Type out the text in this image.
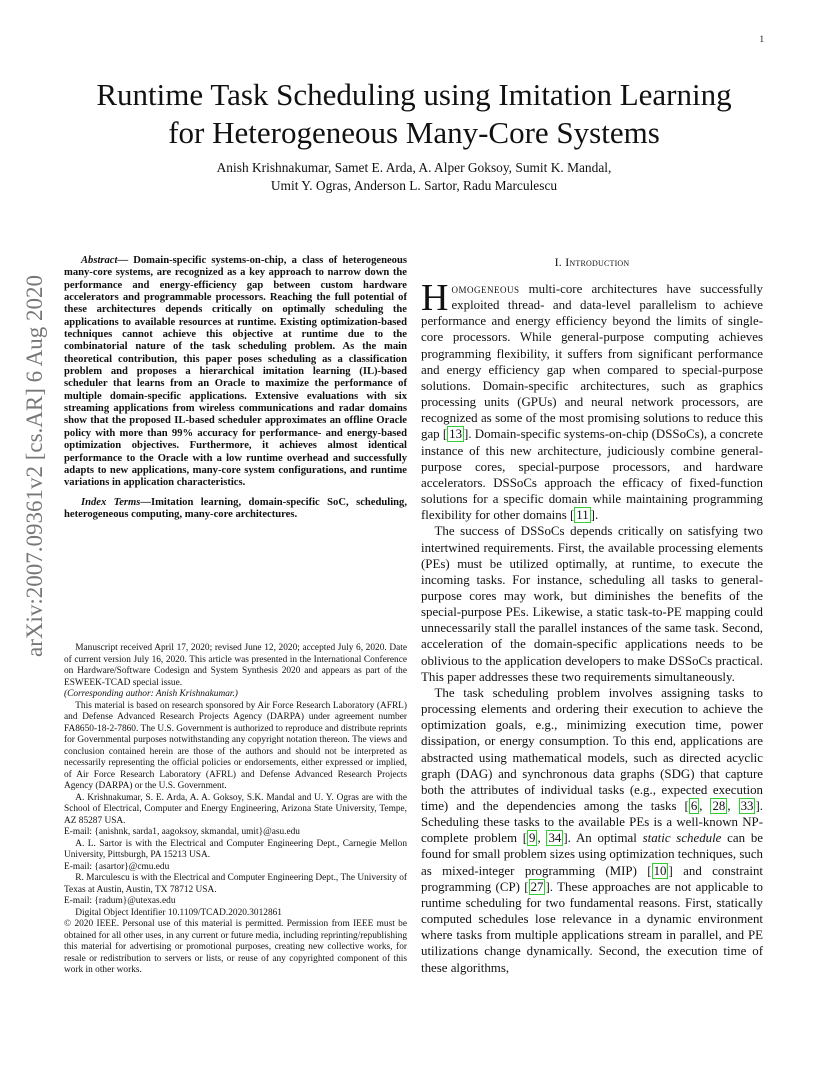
1
arXiv:2007.09361v2 [cs.AR] 6 Aug 2020
Runtime Task Scheduling using Imitation Learning
for Heterogeneous Many-Core Systems
Anish Krishnakumar, Samet E. Arda, A. Alper Goksoy, Sumit K. Mandal,
Umit Y. Ogras, Anderson L. Sartor, Radu Marculescu

Abstract— Domain-specific systems-on-chip, a class of heterogeneous many-core systems, are recognized as a key approach to narrow down the performance and energy-efficiency gap between custom hardware accelerators and programmable processors. Reaching the full potential of these architectures depends critically on optimally scheduling the applications to available resources at runtime. Existing optimization-based techniques cannot achieve this objective at runtime due to the combinatorial nature of the task scheduling problem. As the main theoretical contribution, this paper poses scheduling as a classification problem and proposes a hierarchical imitation learning (IL)-based scheduler that learns from an Oracle to maximize the performance of multiple domain-specific applications. Extensive evaluations with six streaming applications from wireless communications and radar domains show that the proposed IL-based scheduler approximates an offline Oracle policy with more than 99% accuracy for performance- and energy-based optimization objectives. Furthermore, it achieves almost identical performance to the Oracle with a low runtime overhead and successfully adapts to new applications, many-core system configurations, and runtime variations in application characteristics.

Index Terms—Imitation learning, domain-specific SoC, scheduling, heterogeneous computing, many-core architectures.

Manuscript received April 17, 2020; revised June 12, 2020; accepted July 6, 2020. Date of current version July 16, 2020. This article was presented in the International Conference on Hardware/Software Codesign and System Synthesis 2020 and appears as part of the ESWEEK-TCAD special issue.
(Corresponding author: Anish Krishnakumar.)

This material is based on research sponsored by Air Force Research Laboratory (AFRL) and Defense Advanced Research Projects Agency (DARPA) under agreement number FA8650-18-2-7860. The U.S. Government is authorized to reproduce and distribute reprints for Governmental purposes notwithstanding any copyright notation thereon. The views and conclusion contained herein are those of the authors and should not be interpreted as necessarily representing the official policies or endorsements, either expressed or implied, of Air Force Research Laboratory (AFRL) and Defense Advanced Research Projects Agency (DARPA) or the U.S. Government.

A. Krishnakumar, S. E. Arda, A. A. Goksoy, S.K. Mandal and U. Y. Ogras are with the School of Electrical, Computer and Energy Engineering, Arizona State University, Tempe, AZ 85287 USA.

E-mail: {anishnk, sarda1, aagoksoy, skmandal, umit}@asu.edu

A. L. Sartor is with the Electrical and Computer Engineering Dept., Carnegie Mellon University, Pittsburgh, PA 15213 USA.

E-mail: {asartor}@cmu.edu

R. Marculescu is with the Electrical and Computer Engineering Dept., The University of Texas at Austin, Austin, TX 78712 USA.

E-mail: {radum}@utexas.edu

Digital Object Identifier 10.1109/TCAD.2020.3012861

© 2020 IEEE. Personal use of this material is permitted. Permission from IEEE must be obtained for all other uses, in any current or future media, including reprinting/republishing this material for advertising or promotional purposes, creating new collective works, for resale or redistribution to servers or lists, or reuse of any copyrighted component of this work in other works.

I. Introduction

Homogeneous multi-core architectures have successfully exploited thread- and data-level parallelism to achieve performance and energy efficiency beyond the limits of single-core processors. While general-purpose computing achieves programming flexibility, it suffers from significant performance and energy efficiency gap when compared to special-purpose solutions. Domain-specific architectures, such as graphics processing units (GPUs) and neural network processors, are recognized as some of the most promising solutions to reduce this gap [ 13 ]. Domain-specific systems-on-chip (DSSoCs), a concrete instance of this new architecture, judiciously combine general-purpose cores, special-purpose processors, and hardware accelerators. DSSoCs approach the efficacy of fixed-function solutions for a specific domain while maintaining programming flexibility for other domains [ 11 ].

The success of DSSoCs depends critically on satisfying two intertwined requirements. First, the available processing elements (PEs) must be utilized optimally, at runtime, to execute the incoming tasks. For instance, scheduling all tasks to general-purpose cores may work, but diminishes the benefits of the special-purpose PEs. Likewise, a static task-to-PE mapping could unnecessarily stall the parallel instances of the same task. Second, acceleration of the domain-specific applications needs to be oblivious to the application developers to make DSSoCs practical. This paper addresses these two requirements simultaneously.

The task scheduling problem involves assigning tasks to processing elements and ordering their execution to achieve the optimization goals, e.g., minimizing execution time, power dissipation, or energy consumption. To this end, applications are abstracted using mathematical models, such as directed acyclic graph (DAG) and synchronous data graphs (SDG) that capture both the attributes of individual tasks (e.g., expected execution time) and the dependencies among the tasks [ 6 , 28 , 33 ]. Scheduling these tasks to the available PEs is a well-known NP-complete problem [ 9 , 34 ]. An optimal static schedule can be found for small problem sizes using optimization techniques, such as mixed-integer programming (MIP) [ 10 ] and constraint programming (CP) [ 27 ]. These approaches are not applicable to runtime scheduling for two fundamental reasons. First, statically computed schedules lose relevance in a dynamic environment where tasks from multiple applications stream in parallel, and PE utilizations change dynamically. Second, the execution time of these algorithms,
